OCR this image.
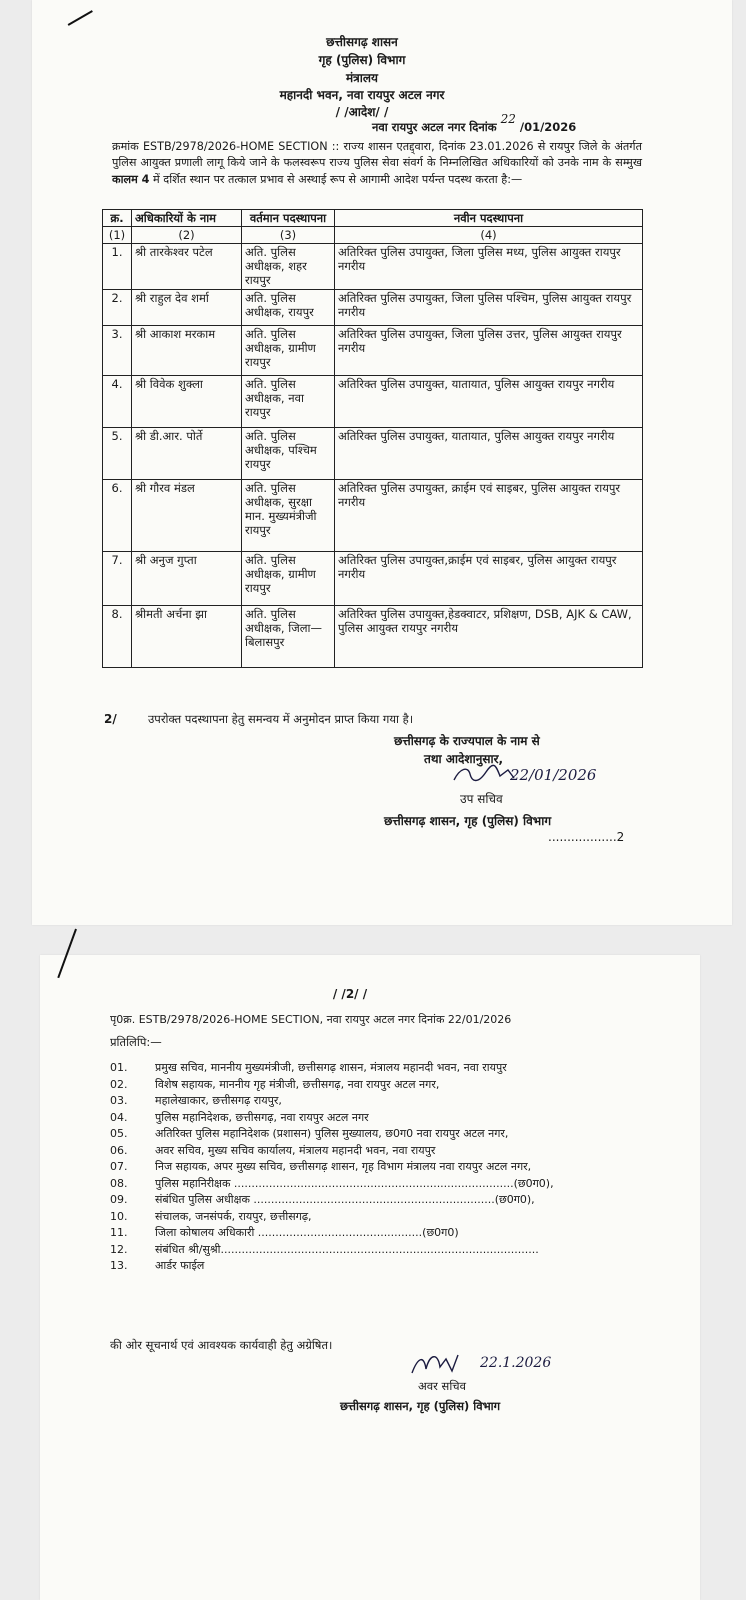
छत्तीसगढ़ शासन
गृह (पुलिस) विभाग
मंत्रालय
महानदी भवन, नवा रायपुर अटल नगर
/ /आदेश/ /
नवा रायपुर अटल नगर दिनांक 22 /01/2026
क्रमांक ESTB/2978/2026-HOME SECTION :: राज्य शासन एतद्द्वारा, दिनांक 23.01.2026 से रायपुर जिले के अंतर्गत पुलिस आयुक्त प्रणाली लागू किये जाने के फलस्वरूप राज्य पुलिस सेवा संवर्ग के निम्नलिखित अधिकारियों को उनके नाम के सम्मुख कालम 4 में दर्शित स्थान पर तत्काल प्रभाव से अस्थाई रूप से आगामी आदेश पर्यन्त पदस्थ करता है:—
क्र.	अधिकारियों के नाम	वर्तमान पदस्थापना	नवीन पदस्थापना
(1)	(2)	(3)	(4)
1.	श्री तारकेश्वर पटेल	अति. पुलिस अधीक्षक, शहर रायपुर	अतिरिक्त पुलिस उपायुक्त, जिला पुलिस मध्य, पुलिस आयुक्त रायपुर नगरीय
2.	श्री राहुल देव शर्मा	अति. पुलिस अधीक्षक, रायपुर	अतिरिक्त पुलिस उपायुक्त, जिला पुलिस पश्चिम, पुलिस आयुक्त रायपुर नगरीय
3.	श्री आकाश मरकाम	अति. पुलिस अधीक्षक, ग्रामीण रायपुर	अतिरिक्त पुलिस उपायुक्त, जिला पुलिस उत्तर, पुलिस आयुक्त रायपुर नगरीय
4.	श्री विवेक शुक्ला	अति. पुलिस अधीक्षक, नवा रायपुर	अतिरिक्त पुलिस उपायुक्त, यातायात, पुलिस आयुक्त रायपुर नगरीय
5.	श्री डी.आर. पोर्ते	अति. पुलिस अधीक्षक, पश्चिम रायपुर	अतिरिक्त पुलिस उपायुक्त, यातायात, पुलिस आयुक्त रायपुर नगरीय
6.	श्री गौरव मंडल	अति. पुलिस अधीक्षक, सुरक्षा मान. मुख्यमंत्रीजी रायपुर	अतिरिक्त पुलिस उपायुक्त, क्राईम एवं साइबर, पुलिस आयुक्त रायपुर नगरीय
7.	श्री अनुज गुप्ता	अति. पुलिस अधीक्षक, ग्रामीण रायपुर	अतिरिक्त पुलिस उपायुक्त,क्राईम एवं साइबर, पुलिस आयुक्त रायपुर नगरीय
8.	श्रीमती अर्चना झा	अति. पुलिस अधीक्षक, जिला—बिलासपुर	अतिरिक्त पुलिस उपायुक्त,हेडक्वाटर, प्रशिक्षण, DSB, AJK & CAW, पुलिस आयुक्त रायपुर नगरीय
2/	उपरोक्त पदस्थापना हेतु समन्वय में अनुमोदन प्राप्त किया गया है।
छत्तीसगढ़ के राज्यपाल के नाम से
तथा आदेशानुसार,
22/01/2026
उप सचिव
छत्तीसगढ़ शासन, गृह (पुलिस) विभाग
..................2
/ /2/ /
पृ0क्र. ESTB/2978/2026-HOME SECTION, नवा रायपुर अटल नगर दिनांक 22/01/2026
प्रतिलिपि:—
01.	प्रमुख सचिव, माननीय मुख्यमंत्रीजी, छत्तीसगढ़ शासन, मंत्रालय महानदी भवन, नवा रायपुर
02.	विशेष सहायक, माननीय गृह मंत्रीजी, छत्तीसगढ़, नवा रायपुर अटल नगर,
03.	महालेखाकार, छत्तीसगढ़ रायपुर,
04.	पुलिस महानिदेशक, छत्तीसगढ़, नवा रायपुर अटल नगर
05.	अतिरिक्त पुलिस महानिदेशक (प्रशासन) पुलिस मुख्यालय, छ0ग0 नवा रायपुर अटल नगर,
06.	अवर सचिव, मुख्य सचिव कार्यालय, मंत्रालय महानदी भवन, नवा रायपुर
07.	निज सहायक, अपर मुख्य सचिव, छत्तीसगढ़ शासन, गृह विभाग मंत्रालय नवा रायपुर अटल नगर,
08.	पुलिस महानिरीक्षक ................................................................................(छ0ग0),
09.	संबंधित पुलिस अधीक्षक .....................................................................(छ0ग0),
10.	संचालक, जनसंपर्क, रायपुर, छत्तीसगढ़,
11.	जिला कोषालय अधिकारी ...............................................(छ0ग0)
12.	संबंधित श्री/सुश्री...........................................................................................
13.	आर्डर फाईल
की ओर सूचनार्थ एवं आवश्यक कार्यवाही हेतु अग्रेषित।
22.1.2026
अवर सचिव
छत्तीसगढ़ शासन, गृह (पुलिस) विभाग
